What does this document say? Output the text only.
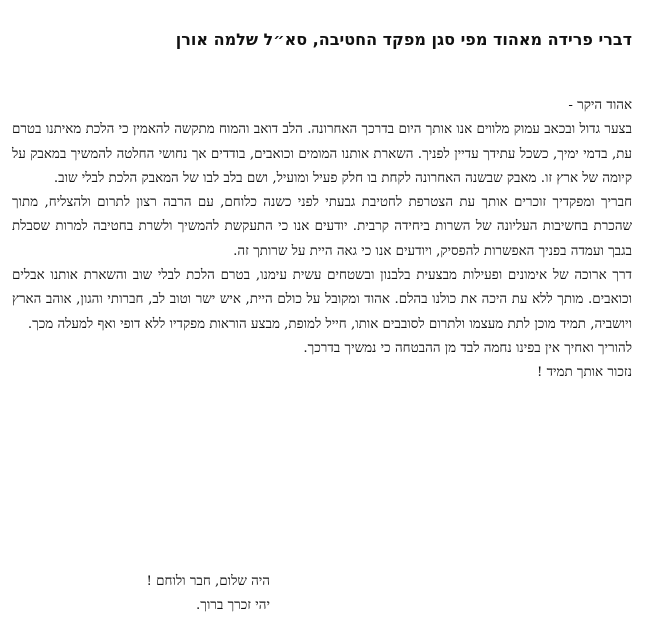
דברי פרידה מאהוד מפי סגן מפקד החטיבה, סא״ל שלמה אורן

אהוד היקר -

בצער גדול ובכאב עמוק מלווים אנו אותך היום בדרכך האחרונה. הלב דואב והמוח מתקשה להאמין כי הלכת מאיתנו בטרם עת, בדמי ימיך, כשכל עתידך עדיין לפניך. השארת אותנו המומים וכואבים, בודדים אך נחושי החלטה להמשיך במאבק על קיומה של ארץ זו. מאבק שבשנה האחרונה לקחת בו חלק פעיל ומועיל, ושם בלב לבו של המאבק הלכת לבלי שוב.

חבריך ומפקדיך זוכרים אותך עת הצטרפת לחטיבת גבעתי לפני כשנה כלוחם, עם הרבה רצון לתרום ולהצליח, מתוך שהכרת בחשיבות העליונה של השרות ביחידה קרבית. יודעים אנו כי התעקשת להמשיך ולשרת בחטיבה למרות שסבלת בגבך ועמדה בפניך האפשרות להפסיק, ויודעים אנו כי גאה היית על שרותך זה.

דרך ארוכה של אימונים ופעילות מבצעית בלבנון ובשטחים עשית עימנו, בטרם הלכת לבלי שוב והשארת אותנו אבלים וכואבים. מותך ללא עת היכה את כולנו בהלם. אהוד ומקובל על כולם היית, איש ישר וטוב לב, חברותי והגון, אוהב הארץ ויושביה, תמיד מוכן לתת מעצמו ולתרום לסובבים אותו, חייל למופת, מבצע הוראות מפקדיו ללא דופי ואף למעלה מכך.

להוריך ואחיך אין בפינו נחמה לבד מן ההבטחה כי נמשיך בדרכך.

נזכור אותך תמיד !

היה שלום, חבר ולוחם !
יהי זכרך ברוך.
